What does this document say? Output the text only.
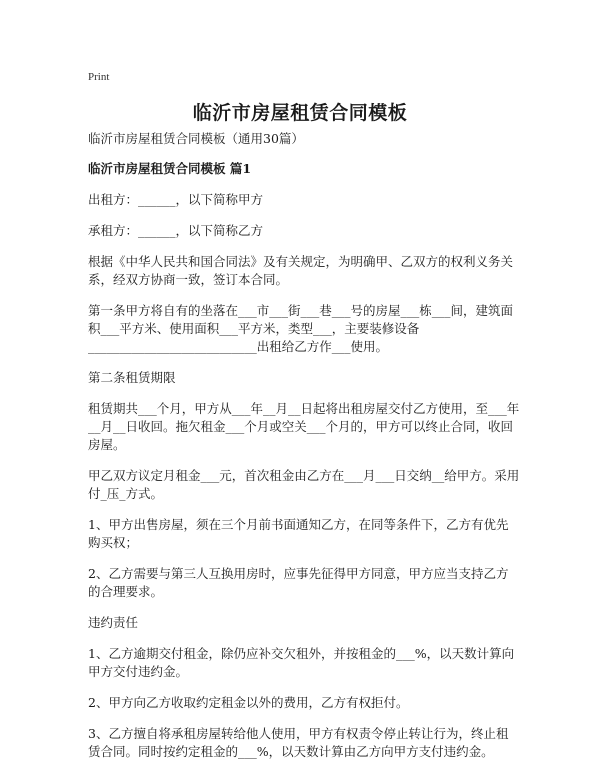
Print
临沂市房屋租赁合同模板

临沂市房屋租赁合同模板（通用30篇）

临沂市房屋租赁合同模板 篇1

出租方：______，以下简称甲方

承租方：______，以下简称乙方

根据《中华人民共和国合同法》及有关规定，为明确甲、乙双方的权利义务关系，经双方协商一致，签订本合同。

第一条甲方将自有的坐落在___市___街___巷___号的房屋___栋___间，建筑面积___平方米、使用面积___平方米，类型___，主要装修设备___________________________出租给乙方作___使用。

第二条租赁期限

租赁期共___个月，甲方从___年__月__日起将出租房屋交付乙方使用，至___年__月__日收回。拖欠租金___个月或空关___个月的，甲方可以终止合同，收回房屋。

甲乙双方议定月租金___元，首次租金由乙方在___月___日交纳__给甲方。采用付_压_方式。

1、甲方出售房屋，须在三个月前书面通知乙方，在同等条件下，乙方有优先购买权；

2、乙方需要与第三人互换用房时，应事先征得甲方同意，甲方应当支持乙方的合理要求。

违约责任

1、乙方逾期交付租金，除仍应补交欠租外，并按租金的___%，以天数计算向甲方交付违约金。

2、甲方向乙方收取约定租金以外的费用，乙方有权拒付。

3、乙方擅自将承租房屋转给他人使用，甲方有权责令停止转让行为，终止租赁合同。同时按约定租金的___%，以天数计算由乙方向甲方支付违约金。
